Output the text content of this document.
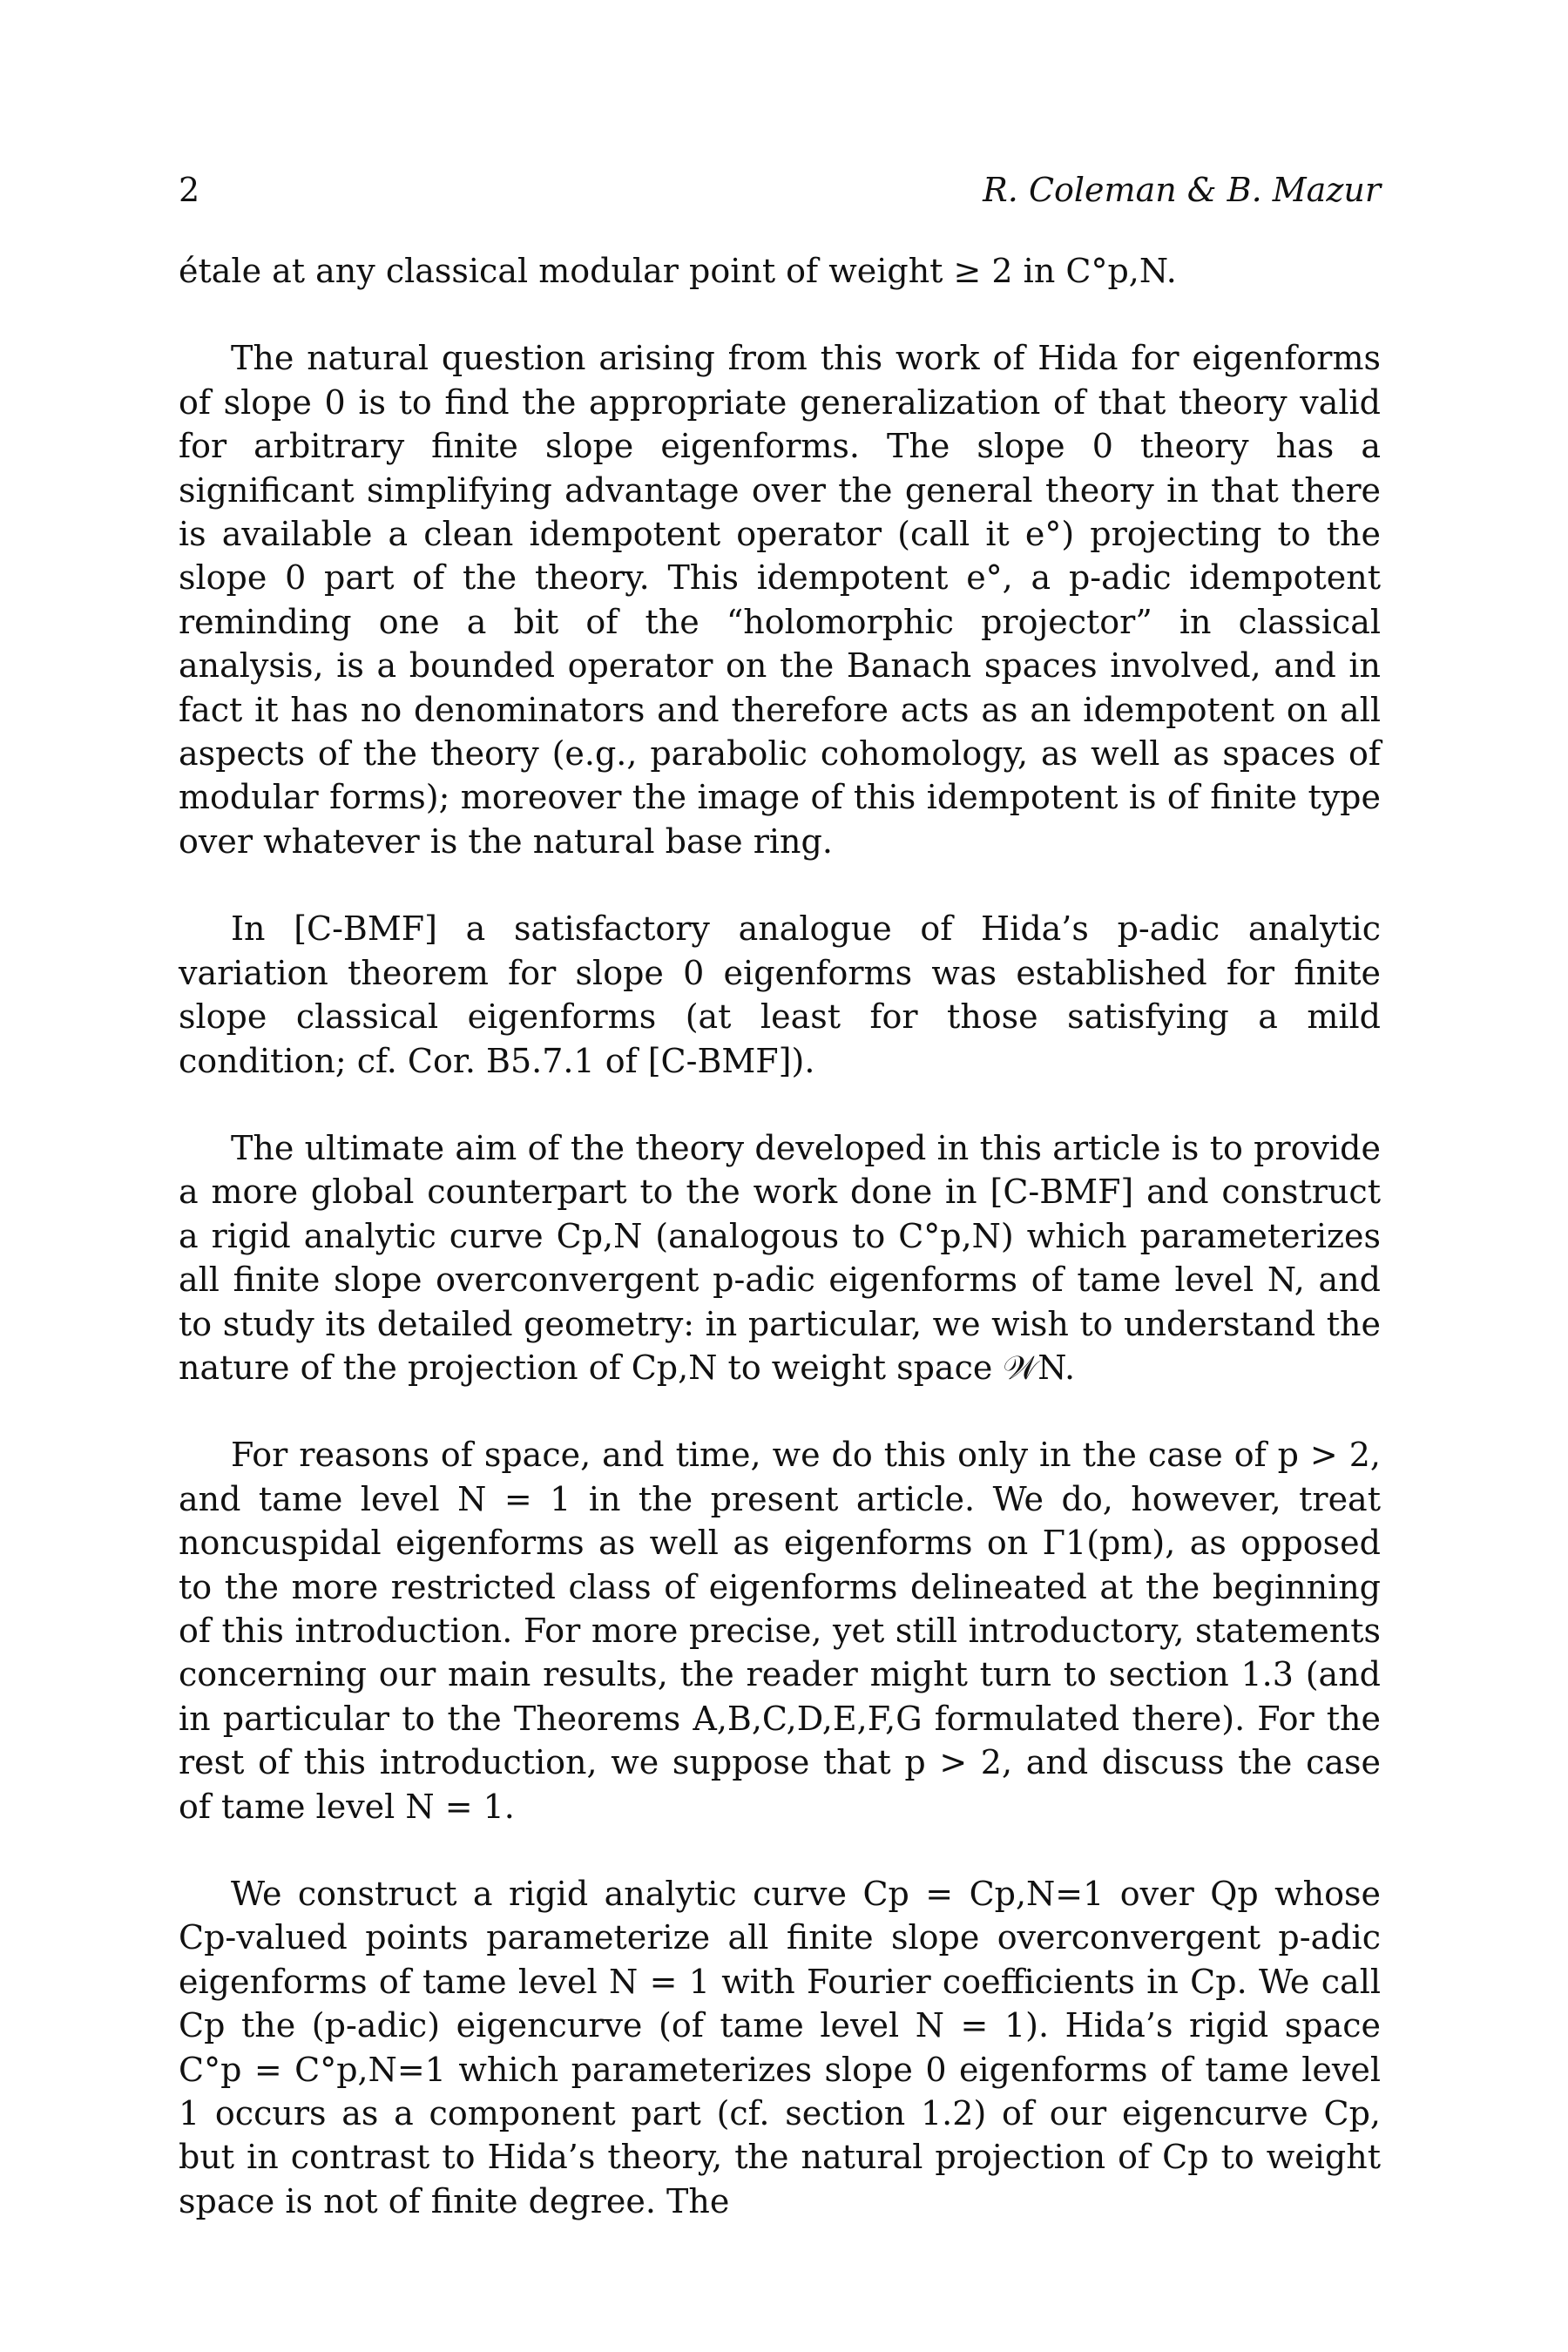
2	R. Coleman & B. Mazur

étale at any classical modular point of weight ≥ 2 in C°p,N.

The natural question arising from this work of Hida for eigenforms of slope 0 is to find the appropriate generalization of that theory valid for arbitrary finite slope eigenforms. The slope 0 theory has a significant simplifying advantage over the general theory in that there is available a clean idempotent operator (call it e°) projecting to the slope 0 part of the theory. This idempotent e°, a p-adic idempotent reminding one a bit of the “holomorphic projector” in classical analysis, is a bounded operator on the Banach spaces involved, and in fact it has no denominators and therefore acts as an idempotent on all aspects of the theory (e.g., parabolic cohomology, as well as spaces of modular forms); moreover the image of this idempotent is of finite type over whatever is the natural base ring.

In [C-BMF] a satisfactory analogue of Hida’s p-adic analytic variation theorem for slope 0 eigenforms was established for finite slope classical eigenforms (at least for those satisfying a mild condition; cf. Cor. B5.7.1 of [C-BMF]).

The ultimate aim of the theory developed in this article is to provide a more global counterpart to the work done in [C-BMF] and construct a rigid analytic curve Cp,N (analogous to C°p,N) which parameterizes all finite slope overconvergent p-adic eigenforms of tame level N, and to study its detailed geometry: in particular, we wish to understand the nature of the projection of Cp,N to weight space 𝒲N.

For reasons of space, and time, we do this only in the case of p > 2, and tame level N = 1 in the present article. We do, however, treat noncuspidal eigenforms as well as eigenforms on Γ1(pm), as opposed to the more restricted class of eigenforms delineated at the beginning of this introduction. For more precise, yet still introductory, statements concerning our main results, the reader might turn to section 1.3 (and in particular to the Theorems A,B,C,D,E,F,G formulated there). For the rest of this introduction, we suppose that p > 2, and discuss the case of tame level N = 1.

We construct a rigid analytic curve Cp = Cp,N=1 over Qp whose Cp-valued points parameterize all finite slope overconvergent p-adic eigenforms of tame level N = 1 with Fourier coefficients in Cp. We call Cp the (p-adic) eigencurve (of tame level N = 1). Hida’s rigid space C°p = C°p,N=1 which parameterizes slope 0 eigenforms of tame level 1 occurs as a component part (cf. section 1.2) of our eigencurve Cp, but in contrast to Hida’s theory, the natural projection of Cp to weight space is not of finite degree. The
